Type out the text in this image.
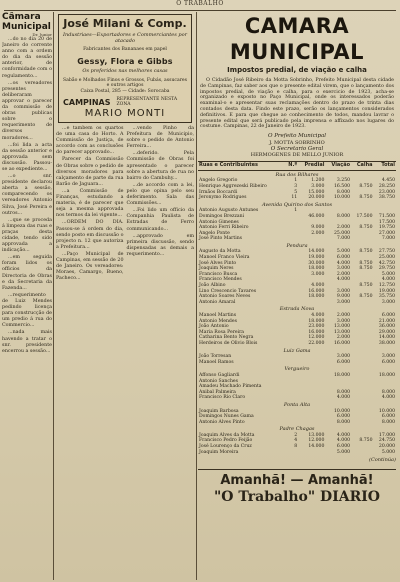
O TRABALHO
Câmara Municipal
Dr. Junior

...do no dia 20 de Janeiro do corrente anno com a ordem do dia da sessão anterior, de conformidade com o regulamento...

...os vereadores presentes deliberaram approvar o parecer da commissão de obras publicas sobre o requerimento de diversos moradores...

...foi lida a acta da sessão anterior e approvada sem discussão. Passou-se ao expediente...

...o snr. presidente declarou aberta a sessão, comparecendo os vereadores Antonio Silva, José Pereira e outros...

...que se proceda á limpeza das ruas e praças desta cidade, tendo sido approvada a indicação...

...em seguida foram lidos os officios da Directoria de Obras e da Secretaria da Fazenda...

...requerimento de Luiz Mendes pedindo licença para construcção de um predio á rua do Commercio...

...nada mais havendo a tratar o snr. presidente encerrou a sessão...

José Milani & Comp.
Industriaes—Exportadores e Commerciantes por atacado
Fabricantes dos Bananaes em papel
Gessy, Flora e Gibbs
Os preferidos nas melhores casas
Sabão e Molhados Finos e Grossos, Fubás, assucares e outros artigos
Caixa Postal, 285 — Cidade: Sorocaba
CAMPINAS REPRESENTANTE NESTA ZONA
MARIO MONTI

...e tambem os quartos de uma casa do Horto. A Commissão de Justiça, de accordo com as conclusões do parecer approvado...

Parecer da Commissão de Obras sobre o pedido de diversos moradores para calçamento de parte da rua Barão de Jaguara...

...a Commissão de Finanças, estudando a materia, é de parecer que seja a mesma approvada nos termos da lei vigente...

...ORDEM DO DIA. Passou-se á ordem do dia, sendo posto em discussão o projecto n. 12 que autoriza a Prefeitura...

...Paço Municipal de Campinas, em sessão de 20 de Janeiro. Os vereadores: Moraes, Camargo, Bueno, Pacheco...

...vendo Pinho da Prefeitura de Municipio, sobre o pedido de Antonio Ferreira...

...deferido. Pela Commissão de Obras foi apresentado o parecer sobre a abertura de rua no bairro do Cambuhy...

...de accordo com a lei, pelo que opina pelo seu deferimento. Sala das Commissões...

...Foi lido um officio da Companhia Paulista de Estradas de Ferro communicando...

...approvado em primeira discussão, sendo dispensadas as demais a requerimento...

CAMARA MUNICIPAL
Impostos predial, de viação e calha
O Cidadão José Ribeiro da Motta Sobrinho, Prefeito Municipal desta cidade de Campinas, faz saber aos que o presente edital virem, que o lançamento dos impostos predial, de viação e calha, para o exercicio de 1923, acha-se organizado e exposto no Paço Municipal, onde os interessados poderão examinal-o e apresentar suas reclamações dentro do prazo de trinta dias contados desta data. Findo este prazo, serão os lançamentos considerados definitivos. E para que chegue ao conhecimento de todos, mandou lavrar o presente edital que será publicado pela imprensa e affixado nos lugares do costume. Campinas, 22 de Janeiro de 1923.
O Prefeito Municipal
J. MOTTA SOBRINHO
O Secretario Geral
HERMOGENES DE MELLO JUNIOR
Ruas e Contribuintes	N.º	Predial	Viação	Calha	Total
Rua dos Bilhares					
Angelo Gregorio	1	1.200	3.250		4.450
Henrique Aggrezeski Ribeiro	3	3.000	16.500	8.750	28.250
Irmãos Boccardi	5	15.000	8.000		23.000
Jeronymo Rodrigues	11	20.000	10.000	8.750	38.750
Avenida Quirino dos Santos					
Antonio Augusto Antunes	1				
Domingos Brezzani		46.000	8.000	17.500	71.500
Antonio Gimenes					17.500
Antonio Ferri Ribeiro		9.000	2.000	8.750	19.750
Angelo Ponte		2.000	25.000		27.000
José Pinto Martins			7.000		7.000
Pendura					
Augusto da Motta		14.000	5.000	8.750	27.750
Manoel Franco Vieira		19.000	6.000		25.000
José Alves Pinto		30.000	4.000	8.750	42.750
Joaquim Neres		18.000	3.000	8.750	29.750
Francisco Busca		3.000	2.000		5.000
Francisco Mendes			4.000		4.000
João Albino		4.000		8.750	12.750
Lino Crescencio Tavares		16.000	3.000		19.000
Antonio Soares Neves		18.000	9.000	8.750	35.750
Antonio Amaral			3.000		3.000
Estrada Nova					
Manoel Martins		4.000	2.000		6.000
Antonio Mendes		18.000	3.000		21.000
João Antonio		23.000	13.000		36.000
Maria Rosa Pereira		16.000	13.000		29.000
Catharina Bento Negra		12.000	2.000		14.000
Herdeiros de Olivio Blois		22.000	16.000		38.000
Luiz Gama					
João Torresan			3.000		3.000
Manoel Ramos			6.000		6.000
Vergueiro					
Affonso Gagliardi			18.000		18.000
Antonio Sanches					
Amadeu Machado Pimenta					
Anibal Palmeira			8.000		8.000
Francisco Rio Claro			4.000		4.000
Ponta Alta					
Joaquim Barbosa			10.000		10.000
Domingos Nunes Gama			6.000		6.000
Antonio Alves Pinto			8.000		8.000
Padre Chagas					
Joaquim Alves da Motta	2	13.000	4.000		17.000
Francisco Pedro Feijão	4	12.000	4.000	8.750	24.750
José Lourenço da Cruz	8	14.000	6.000		20.000
Joaquim Moreira			5.000		5.000
(Continúa)
Amanhã! — Amanhã!
"O Trabalho" DIARIO
